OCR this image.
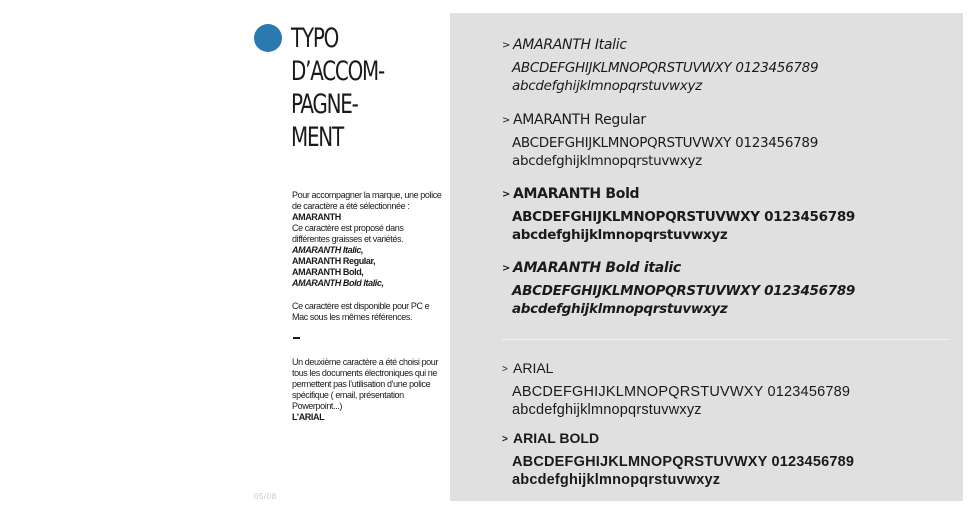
TYPO
D’ACCOM-
PAGNE-
MENT

Pour accompagner la marque, une police de caractère a été sélectionnée :

AMARANTH

Ce caractère est proposé dans différentes graisses et variétés.

AMARANTH Italic,

AMARANTH Regular,

AMARANTH Bold,

AMARANTH Bold Italic,

Ce caractère est disponible pour PC e Mac sous les mêmes références.

Un deuxième caractère a été choisi pour tous les documents électroniques qui ne permettent pas l’utilisation d’une police spécifique ( email, présentation Powerpoint...)

L’ARIAL

05/08
> AMARANTH Italic
ABCDEFGHIJKLMNOPQRSTUVWXY 0123456789
abcdefghijklmnopqrstuvwxyz
> AMARANTH Regular
ABCDEFGHIJKLMNOPQRSTUVWXY 0123456789
abcdefghijklmnopqrstuvwxyz
> AMARANTH Bold
ABCDEFGHIJKLMNOPQRSTUVWXY 0123456789
abcdefghijklmnopqrstuvwxyz
> AMARANTH Bold italic
ABCDEFGHIJKLMNOPQRSTUVWXY 0123456789
abcdefghijklmnopqrstuvwxyz
> ARIAL
ABCDEFGHIJKLMNOPQRSTUVWXY 0123456789
abcdefghijklmnopqrstuvwxyz
> ARIAL BOLD
ABCDEFGHIJKLMNOPQRSTUVWXY 0123456789
abcdefghijklmnopqrstuvwxyz
